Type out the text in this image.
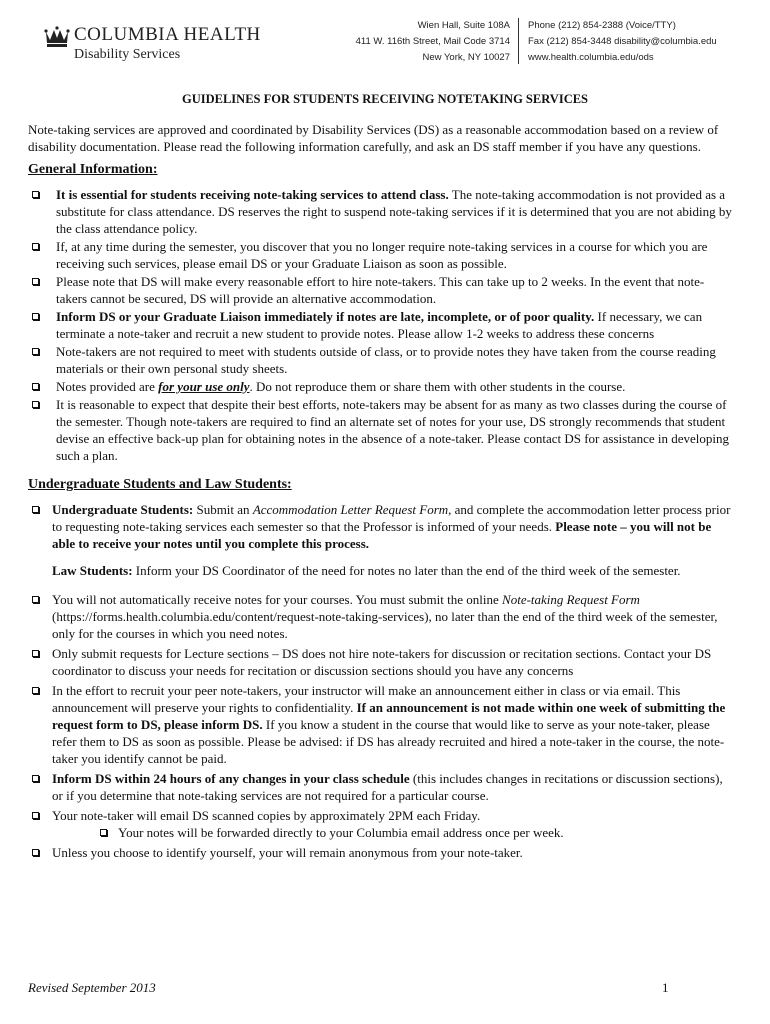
COLUMBIA HEALTH
Disability Services
Wien Hall, Suite 108A
411 W. 116th Street, Mail Code 3714
New York, NY 10027
Phone (212) 854-2388 (Voice/TTY)
Fax (212) 854-3448 disability@columbia.edu
www.health.columbia.edu/ods
GUIDELINES FOR STUDENTS RECEIVING NOTETAKING SERVICES

Note-taking services are approved and coordinated by Disability Services (DS) as a reasonable accommodation based on a review of disability documentation. Please read the following information carefully, and ask an DS staff member if you have any questions.

General Information:
It is essential for students receiving note-taking services to attend class. The note-taking accommodation is not provided as a substitute for class attendance. DS reserves the right to suspend note-taking services if it is determined that you are not abiding by the class attendance policy.
If, at any time during the semester, you discover that you no longer require note-taking services in a course for which you are receiving such services, please email DS or your Graduate Liaison as soon as possible.
Please note that DS will make every reasonable effort to hire note-takers. This can take up to 2 weeks. In the event that note-takers cannot be secured, DS will provide an alternative accommodation.
Inform DS or your Graduate Liaison immediately if notes are late, incomplete, or of poor quality. If necessary, we can terminate a note-taker and recruit a new student to provide notes. Please allow 1-2 weeks to address these concerns
Note-takers are not required to meet with students outside of class, or to provide notes they have taken from the course reading materials or their own personal study sheets.
Notes provided are for your use only. Do not reproduce them or share them with other students in the course.
It is reasonable to expect that despite their best efforts, note-takers may be absent for as many as two classes during the course of the semester. Though note-takers are required to find an alternate set of notes for your use, DS strongly recommends that student devise an effective back-up plan for obtaining notes in the absence of a note-taker. Please contact DS for assistance in developing such a plan.
Undergraduate Students and Law Students:
Undergraduate Students: Submit an Accommodation Letter Request Form, and complete the accommodation letter process prior to requesting note-taking services each semester so that the Professor is informed of your needs. Please note – you will not be able to receive your notes until you complete this process.
Law Students: Inform your DS Coordinator of the need for notes no later than the end of the third week of the semester.
You will not automatically receive notes for your courses. You must submit the online Note-taking Request Form (https://forms.health.columbia.edu/content/request-note-taking-services), no later than the end of the third week of the semester, only for the courses in which you need notes.
Only submit requests for Lecture sections – DS does not hire note-takers for discussion or recitation sections. Contact your DS coordinator to discuss your needs for recitation or discussion sections should you have any concerns
In the effort to recruit your peer note-takers, your instructor will make an announcement either in class or via email. This announcement will preserve your rights to confidentiality. If an announcement is not made within one week of submitting the request form to DS, please inform DS. If you know a student in the course that would like to serve as your note-taker, please refer them to DS as soon as possible. Please be advised: if DS has already recruited and hired a note-taker in the course, the note-taker you identify cannot be paid.
Inform DS within 24 hours of any changes in your class schedule (this includes changes in recitations or discussion sections), or if you determine that note-taking services are not required for a particular course.
Your note-taker will email DS scanned copies by approximately 2PM each Friday.
Your notes will be forwarded directly to your Columbia email address once per week.
Unless you choose to identify yourself, your will remain anonymous from your note-taker.
Revised September 2013	1
